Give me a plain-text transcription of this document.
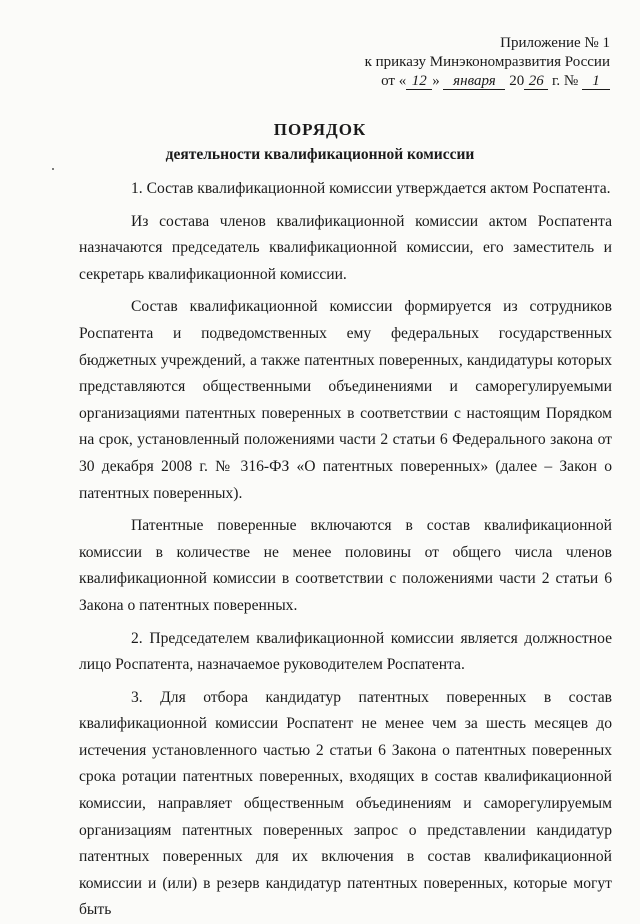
Приложение № 1
к приказу Минэкономразвития России
от « 12 » января 20 26 г. № 1
ПОРЯДОК
деятельности квалификационной комиссии

1. Состав квалификационной комиссии утверждается актом Роспатента.

Из состава членов квалификационной комиссии актом Роспатента назначаются председатель квалификационной комиссии, его заместитель и секретарь квалификационной комиссии.

Состав квалификационной комиссии формируется из сотрудников Роспатента и подведомственных ему федеральных государственных бюджетных учреждений, а также патентных поверенных, кандидатуры которых представляются общественными объединениями и саморегулируемыми организациями патентных поверенных в соответствии с настоящим Порядком на срок, установленный положениями части 2 статьи 6 Федерального закона от 30 декабря 2008 г. № 316-ФЗ «О патентных поверенных» (далее – Закон о патентных поверенных).

Патентные поверенные включаются в состав квалификационной комиссии в количестве не менее половины от общего числа членов квалификационной комиссии в соответствии с положениями части 2 статьи 6 Закона о патентных поверенных.

2. Председателем квалификационной комиссии является должностное лицо Роспатента, назначаемое руководителем Роспатента.

3. Для отбора кандидатур патентных поверенных в состав квалификационной комиссии Роспатент не менее чем за шесть месяцев до истечения установленного частью 2 статьи 6 Закона о патентных поверенных срока ротации патентных поверенных, входящих в состав квалификационной комиссии, направляет общественным объединениям и саморегулируемым организациям патентных поверенных запрос о представлении кандидатур патентных поверенных для их включения в состав квалификационной комиссии и (или) в резерв кандидатур патентных поверенных, которые могут быть
